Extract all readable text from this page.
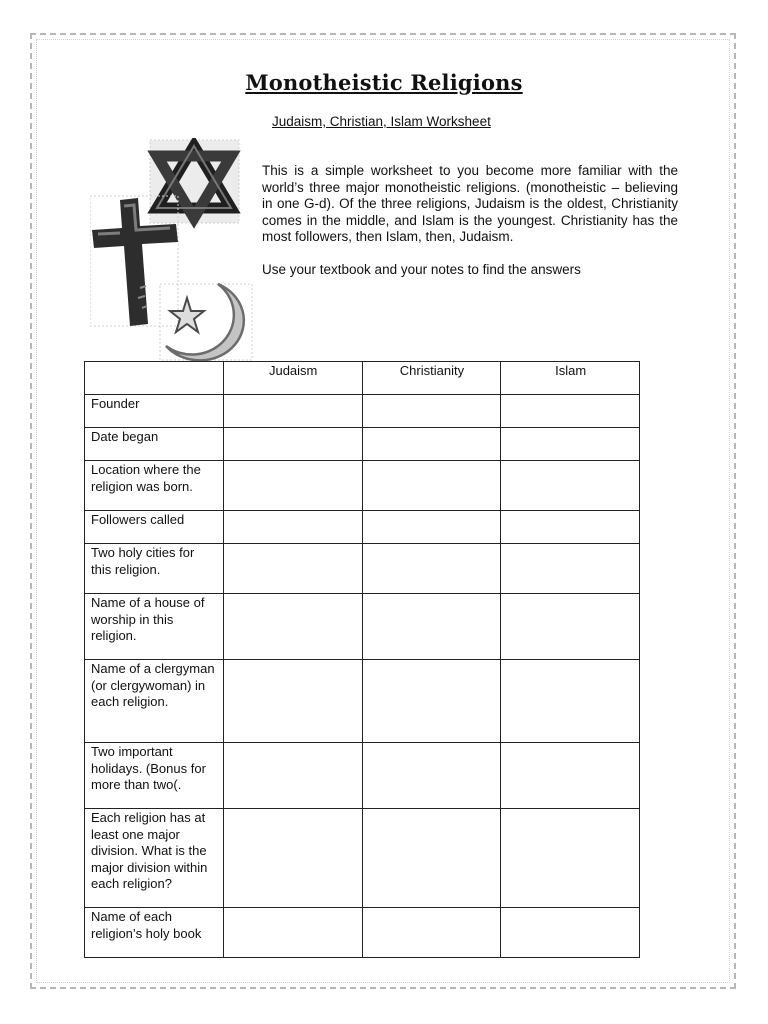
Monotheistic Religions
Judaism, Christian, Islam Worksheet
This is a simple worksheet to you become more familiar with the world’s three major monotheistic religions. (monotheistic – believing in one G-d). Of the three religions, Judaism is the oldest, Christianity comes in the middle, and Islam is the youngest. Christianity has the most followers, then Islam, then, Judaism.
Use your textbook and your notes to find the answers
	Judaism	Christianity	Islam
Founder			
Date began			
Location where the religion was born.			
Followers called			
Two holy cities for this religion.			
Name of a house of worship in this religion.			
Name of a clergyman (or clergywoman) in each religion.			
Two important holidays. (Bonus for more than two(.			
Each religion has at least one major division. What is the major division within each religion?			
Name of each religion’s holy book			
